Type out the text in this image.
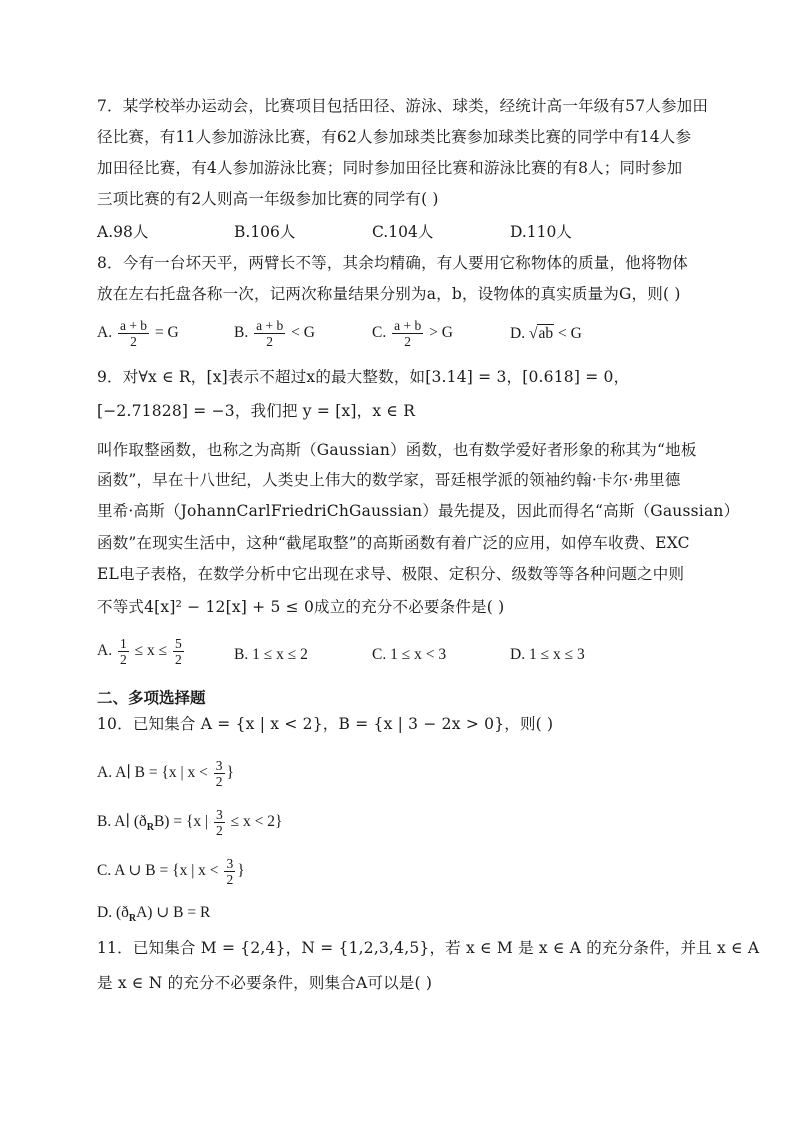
7．某学校举办运动会，比赛项目包括田径、游泳、球类，经统计高一年级有57人参加田
径比赛，有11人参加游泳比赛，有62人参加球类比赛参加球类比赛的同学中有14人参
加田径比赛，有4人参加游泳比赛；同时参加田径比赛和游泳比赛的有8人；同时参加
三项比赛的有2人则高一年级参加比赛的同学有( )
A.98人	B.106人	C.104人	D.110人
8．今有一台坏天平，两臂长不等，其余均精确，有人要用它称物体的质量，他将物体
放在左右托盘各称一次，记两次称量结果分别为a，b，设物体的真实质量为G，则( )
A. $\frac{a + b}{2} = G$	B. $\frac{a + b}{2} < G$	C. $\frac{a + b}{2} > G$	D. √ab < G
9．对∀x ∈ R，[x]表示不超过x的最大整数，如[3.14] = 3，[0.618] = 0，
[−2.71828] = −3，我们把 y = [x]，x ∈ R
叫作取整函数，也称之为高斯（Gaussian）函数，也有数学爱好者形象的称其为“地板
函数”，早在十八世纪，人类史上伟大的数学家，哥廷根学派的领袖约翰·卡尔·弗里德
里希·高斯（JohannCarlFriedriChGaussian）最先提及，因此而得名“高斯（Gaussian）
函数”在现实生活中，这种“截尾取整”的高斯函数有着广泛的应用，如停车收费、EXC
EL电子表格，在数学分析中它出现在求导、极限、定积分、级数等等各种问题之中则
不等式4[x]² − 12[x] + 5 ≤ 0成立的充分不必要条件是( )
A. $\frac{1}{2} \le x \le \frac{5}{2}$	B. 1 ≤ x ≤ 2	C. 1 ≤ x < 3	D. 1 ≤ x ≤ 3
二、多项选择题
10．已知集合 A = {x | x < 2}，B = {x | 3 − 2x > 0}，则( )
A. A∣ B = {x | $x < \frac{3}{2}$ }
B. A∣ $(ð_RB) = \{x$ | $\frac{3}{2} \le x < 2$}
C. A ∪ B = {x | $x < \frac{3}{2}$ }
D. $(ð_RA)$ ∪ B = R
11．已知集合 M = {2,4}，N = {1,2,3,4,5}，若 x ∈ M 是 x ∈ A 的充分条件，并且 x ∈ A
是 x ∈ N 的充分不必要条件，则集合A可以是( )
